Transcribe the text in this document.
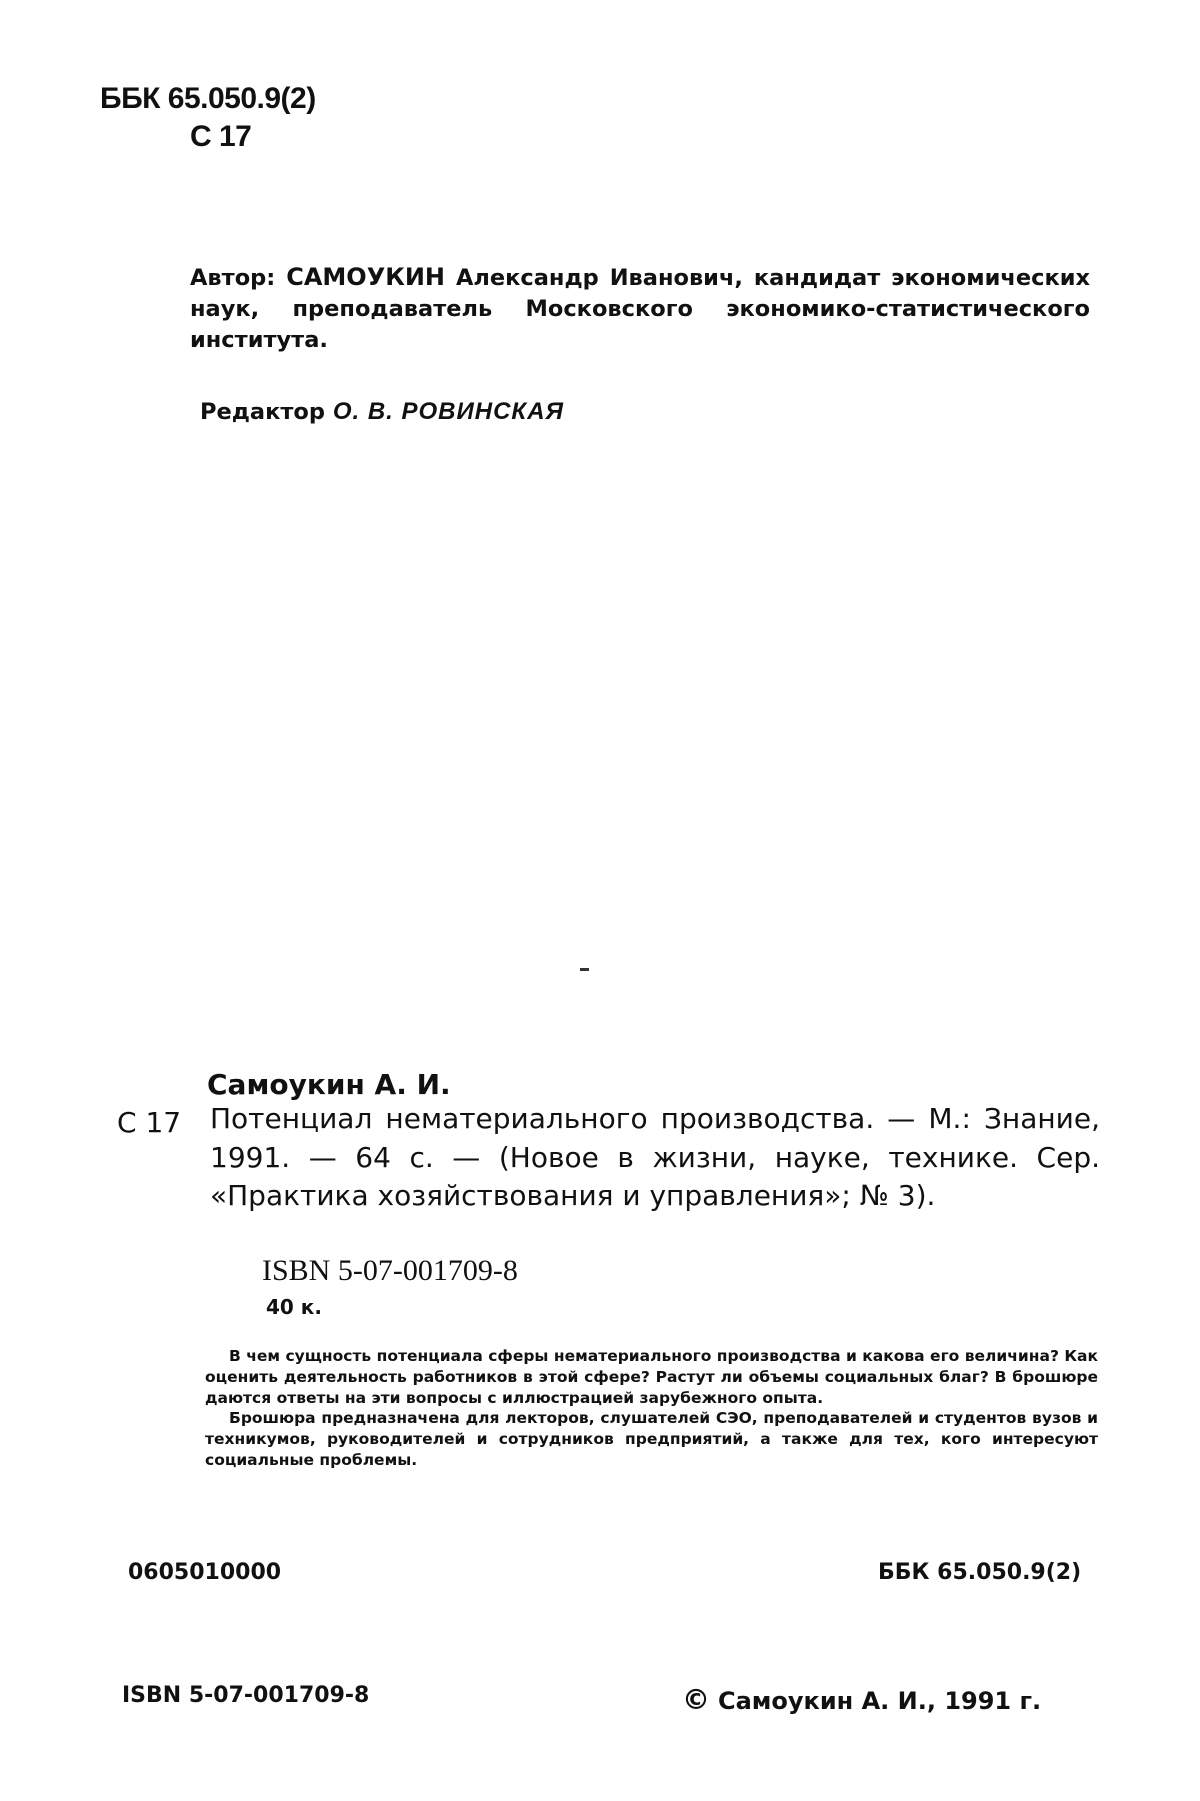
ББК 65.050.9(2)
С 17
Автор: САМОУКИН Александр Иванович, кандидат экономических наук, преподаватель Московского экономико-статистического института.
Редактор О. В. РОВИНСКАЯ
Самоукин А. И.
С 17 Потенциал нематериального производства. — М.: Знание, 1991. — 64 с. — (Новое в жизни, науке, технике. Сер. «Практика хозяйствования и управления»; № 3).
ISBN 5-07-001709-8
40 к.

В чем сущность потенциала сферы нематериального производства и какова его величина? Как оценить деятельность работников в этой сфере? Растут ли объемы социальных благ? В брошюре даются ответы на эти вопросы с иллюстрацией зарубежного опыта.

Брошюра предназначена для лекторов, слушателей СЭО, преподавателей и студентов вузов и техникумов, руководителей и сотрудников предприятий, а также для тех, кого интересуют социальные проблемы.

0605010000	ББК 65.050.9(2)
ISBN 5-07-001709-8	© Самоукин А. И., 1991 г.
